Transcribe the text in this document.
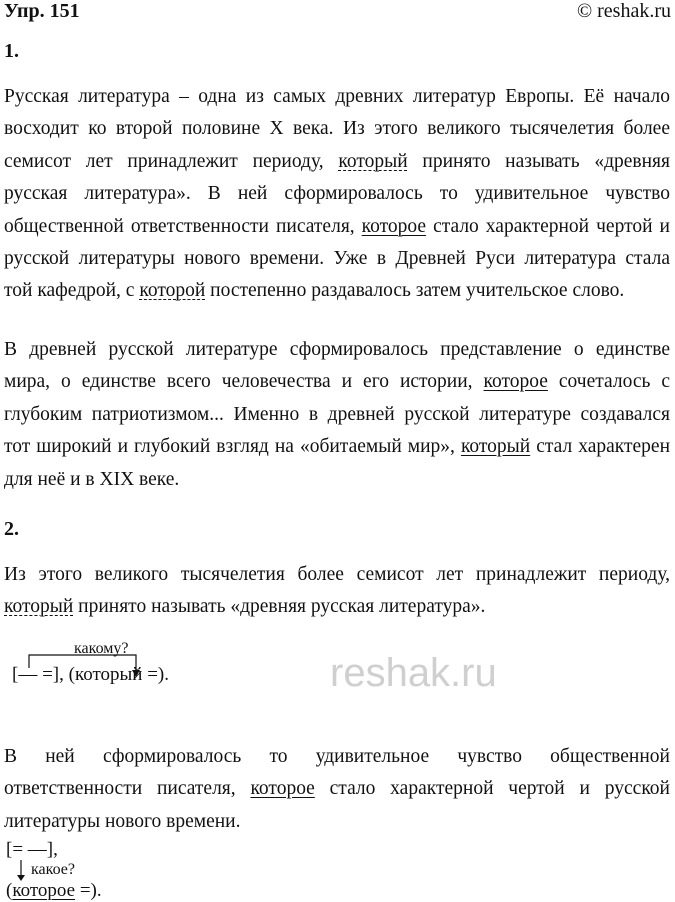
Упр. 151	© reshak.ru
reshak.ru
1.
Русская литература – одна из самых древних литератур Европы. Её начало
восходит ко второй половине X века. Из этого великого тысячелетия более
семисот лет принадлежит периоду, который принято называть «древняя
русская литература». В ней сформировалось то удивительное чувство
общественной ответственности писателя, которое стало характерной чертой и
русской литературы нового времени. Уже в Древней Руси литература стала
той кафедрой, с которой постепенно раздавалось затем учительское слово.
В древней русской литературе сформировалось представление о единстве
мира, о единстве всего человечества и его истории, которое сочеталось с
глубоким патриотизмом... Именно в древней русской литературе создавался
тот широкий и глубокий взгляд на «обитаемый мир», который стал характерен
для неё и в XIX веке.
2.
Из этого великого тысячелетия более семисот лет принадлежит периоду,
который принято называть «древняя русская литература».
какому?
[— =], (который =).
В ней сформировалось то удивительное чувство общественной
ответственности писателя, которое стало характерной чертой и русской
литературы нового времени.
[= —],
какое?
(которое =).
